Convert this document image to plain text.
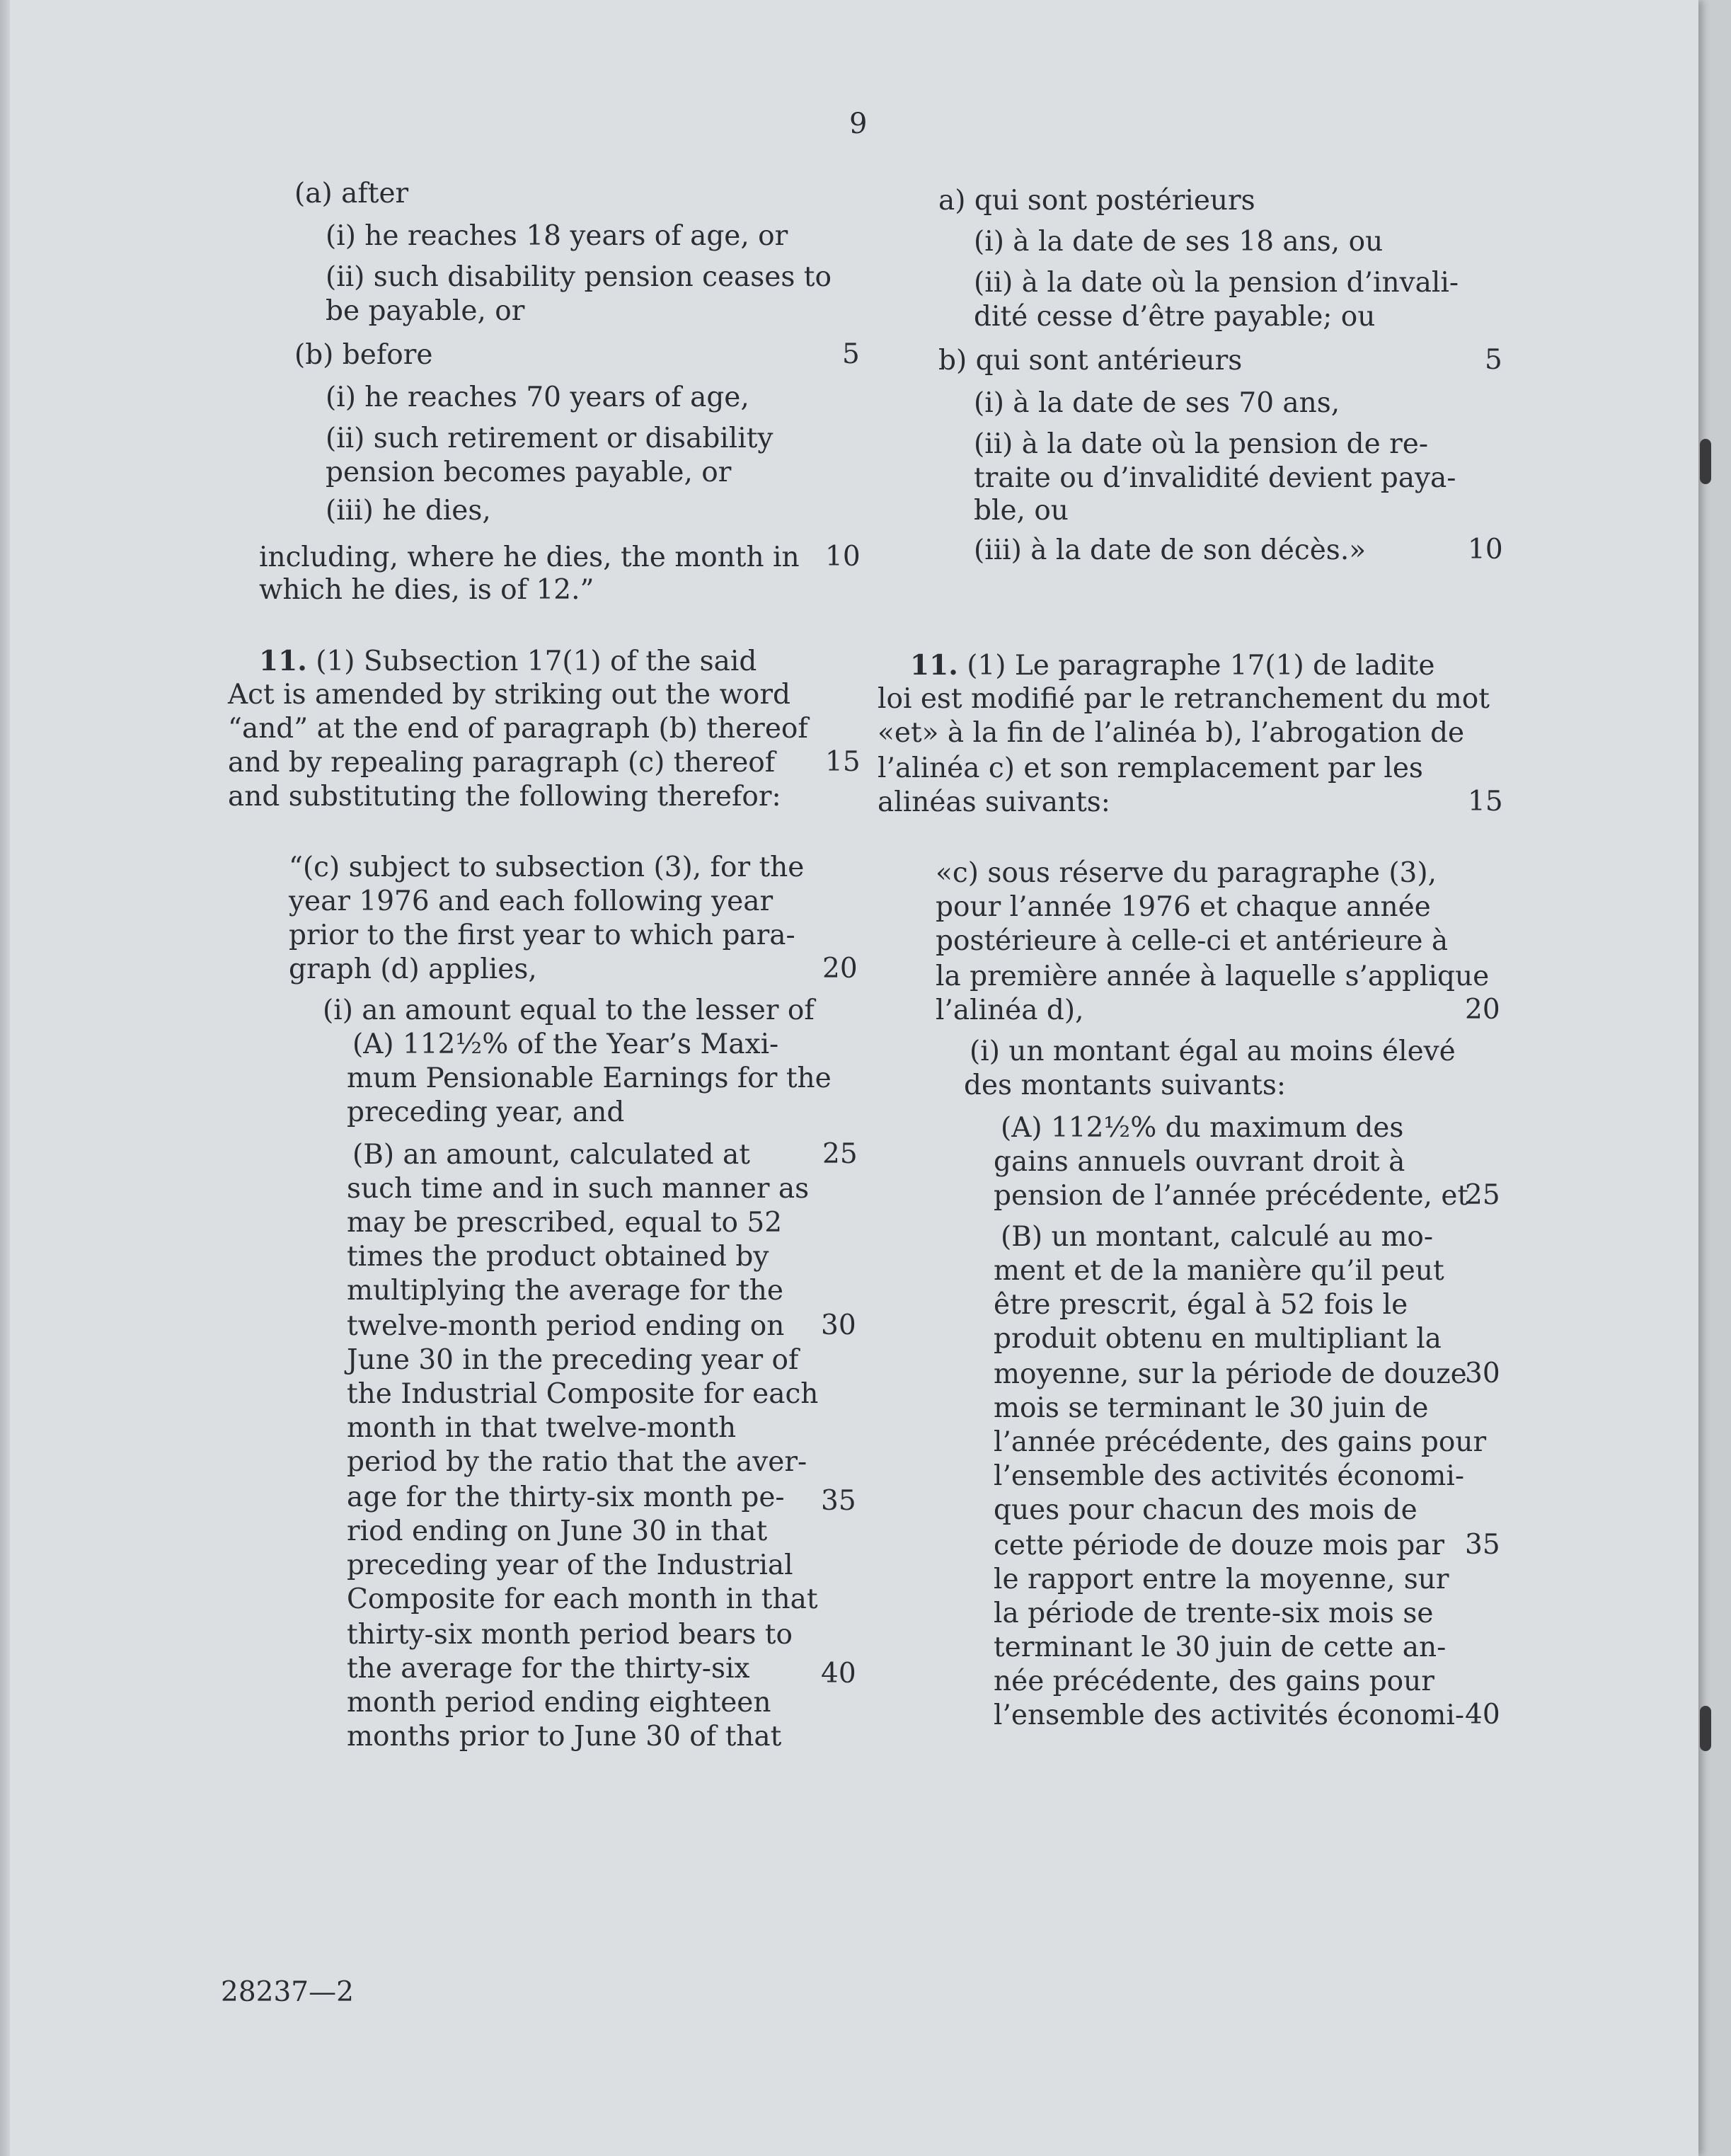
9
(a) after
(i) he reaches 18 years of age, or
(ii) such disability pension ceases to
be payable, or
(b) before
(i) he reaches 70 years of age,
(ii) such retirement or disability
pension becomes payable, or
(iii) he dies,
including, where he dies, the month in
which he dies, is of 12.”
11. (1) Subsection 17(1) of the said
Act is amended by striking out the word
“and” at the end of paragraph (b) thereof
and by repealing paragraph (c) thereof
and substituting the following therefor:
“(c) subject to subsection (3), for the
year 1976 and each following year
prior to the first year to which para-
graph (d) applies,
(i) an amount equal to the lesser of
(A) 112½% of the Year’s Maxi-
mum Pensionable Earnings for the
preceding year, and
(B) an amount, calculated at
such time and in such manner as
may be prescribed, equal to 52
times the product obtained by
multiplying the average for the
twelve-month period ending on
June 30 in the preceding year of
the Industrial Composite for each
month in that twelve-month
period by the ratio that the aver-
age for the thirty-six month pe-
riod ending on June 30 in that
preceding year of the Industrial
Composite for each month in that
thirty-six month period bears to
the average for the thirty-six
month period ending eighteen
months prior to June 30 of that
5
10
15
20
25
30
35
40
a) qui sont postérieurs
(i) à la date de ses 18 ans, ou
(ii) à la date où la pension d’invali-
dité cesse d’être payable; ou
b) qui sont antérieurs
(i) à la date de ses 70 ans,
(ii) à la date où la pension de re-
traite ou d’invalidité devient paya-
ble, ou
(iii) à la date de son décès.»
11. (1) Le paragraphe 17(1) de ladite
loi est modifié par le retranchement du mot
«et» à la fin de l’alinéa b), l’abrogation de
l’alinéa c) et son remplacement par les
alinéas suivants:
«c) sous réserve du paragraphe (3),
pour l’année 1976 et chaque année
postérieure à celle-ci et antérieure à
la première année à laquelle s’applique
l’alinéa d),
(i) un montant égal au moins élevé
des montants suivants:
(A) 112½% du maximum des
gains annuels ouvrant droit à
pension de l’année précédente, et
(B) un montant, calculé au mo-
ment et de la manière qu’il peut
être prescrit, égal à 52 fois le
produit obtenu en multipliant la
moyenne, sur la période de douze
mois se terminant le 30 juin de
l’année précédente, des gains pour
l’ensemble des activités économi-
ques pour chacun des mois de
cette période de douze mois par
le rapport entre la moyenne, sur
la période de trente-six mois se
terminant le 30 juin de cette an-
née précédente, des gains pour
l’ensemble des activités économi-
5
10
15
20
25
30
35
40
28237—2
